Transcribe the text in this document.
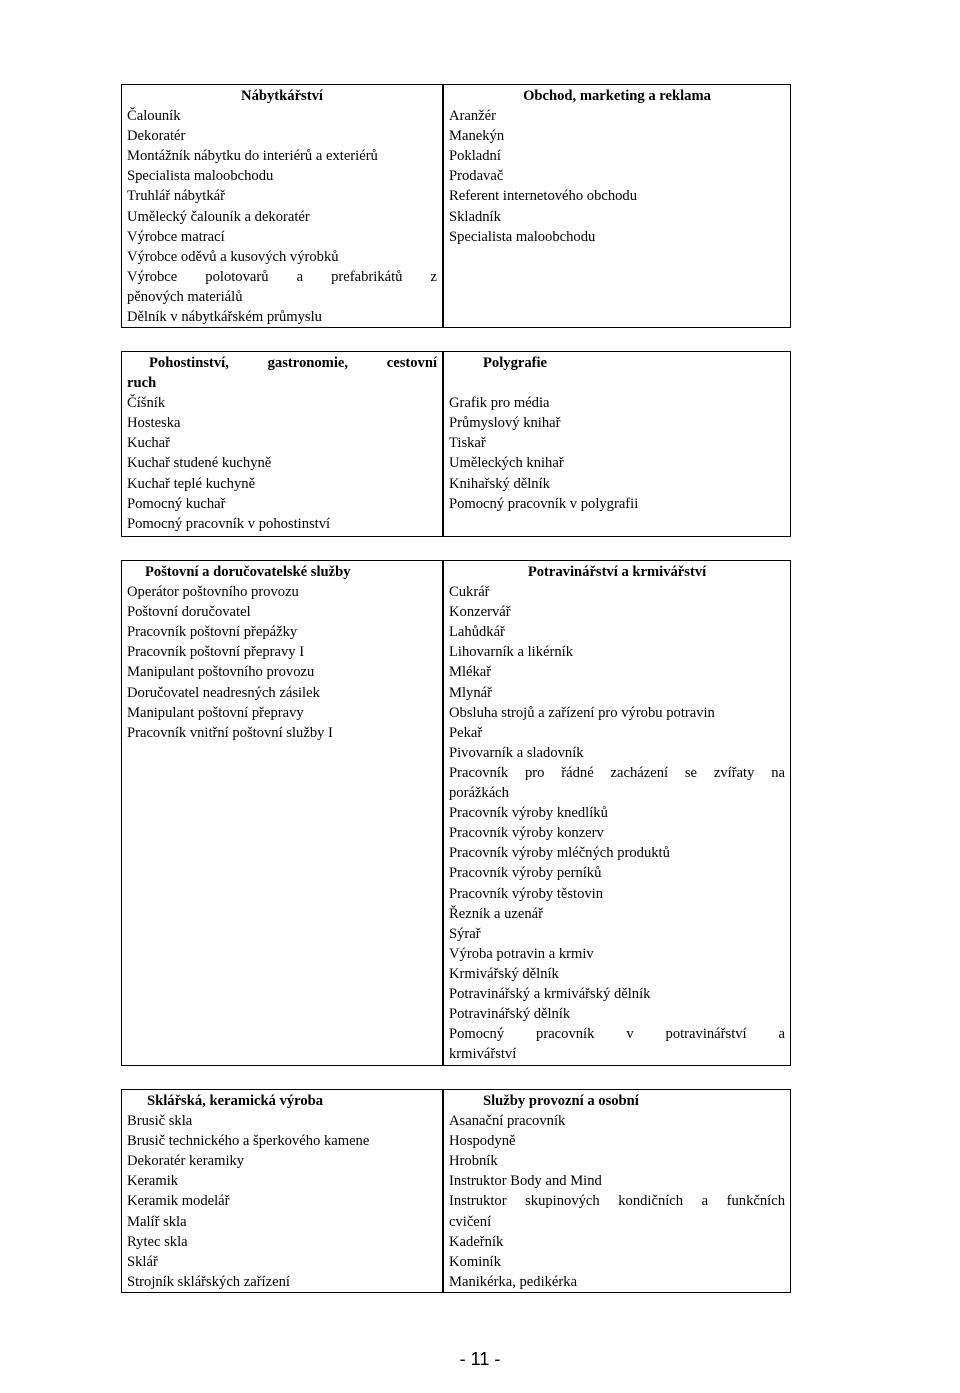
Nábytkářství
Čalouník
Dekoratér
Montážník nábytku do interiérů a exteriérů
Specialista maloobchodu
Truhlář nábytkář
Umělecký čalouník a dekoratér
Výrobce matrací
Výrobce oděvů a kusových výrobků
Výrobce polotovarů a prefabrikátů z
pěnových materiálů
Dělník v nábytkářském průmyslu
Obchod, marketing a reklama
Aranžér
Manekýn
Pokladní
Prodavač
Referent internetového obchodu
Skladník
Specialista maloobchodu
Pohostinství, gastronomie, cestovní
ruch
Číšník
Hosteska
Kuchař
Kuchař studené kuchyně
Kuchař teplé kuchyně
Pomocný kuchař
Pomocný pracovník v pohostinství
Polygrafie
Grafik pro média
Průmyslový knihař
Tiskař
Uměleckých knihař
Knihařský dělník
Pomocný pracovník v polygrafii
Poštovní a doručovatelské služby
Operátor poštovního provozu
Poštovní doručovatel
Pracovník poštovní přepážky
Pracovník poštovní přepravy I
Manipulant poštovního provozu
Doručovatel neadresných zásilek
Manipulant poštovní přepravy
Pracovník vnitřní poštovní služby I
Potravinářství a krmivářství
Cukrář
Konzervář
Lahůdkář
Lihovarník a likérník
Mlékař
Mlynář
Obsluha strojů a zařízení pro výrobu potravin
Pekař
Pivovarník a sladovník
Pracovník pro řádné zacházení se zvířaty na
porážkách
Pracovník výroby knedlíků
Pracovník výroby konzerv
Pracovník výroby mléčných produktů
Pracovník výroby perníků
Pracovník výroby těstovin
Řezník a uzenář
Sýrař
Výroba potravin a krmiv
Krmivářský dělník
Potravinářský a krmivářský dělník
Potravinářský dělník
Pomocný pracovník v potravinářství a
krmivářství
Sklářská, keramická výroba
Brusič skla
Brusič technického a šperkového kamene
Dekoratér keramiky
Keramik
Keramik modelář
Malíř skla
Rytec skla
Sklář
Strojník sklářských zařízení
Služby provozní a osobní
Asanační pracovník
Hospodyně
Hrobník
Instruktor Body and Mind
Instruktor skupinových kondičních a funkčních
cvičení
Kadeřník
Kominík
Manikérka, pedikérka
- 11 -
